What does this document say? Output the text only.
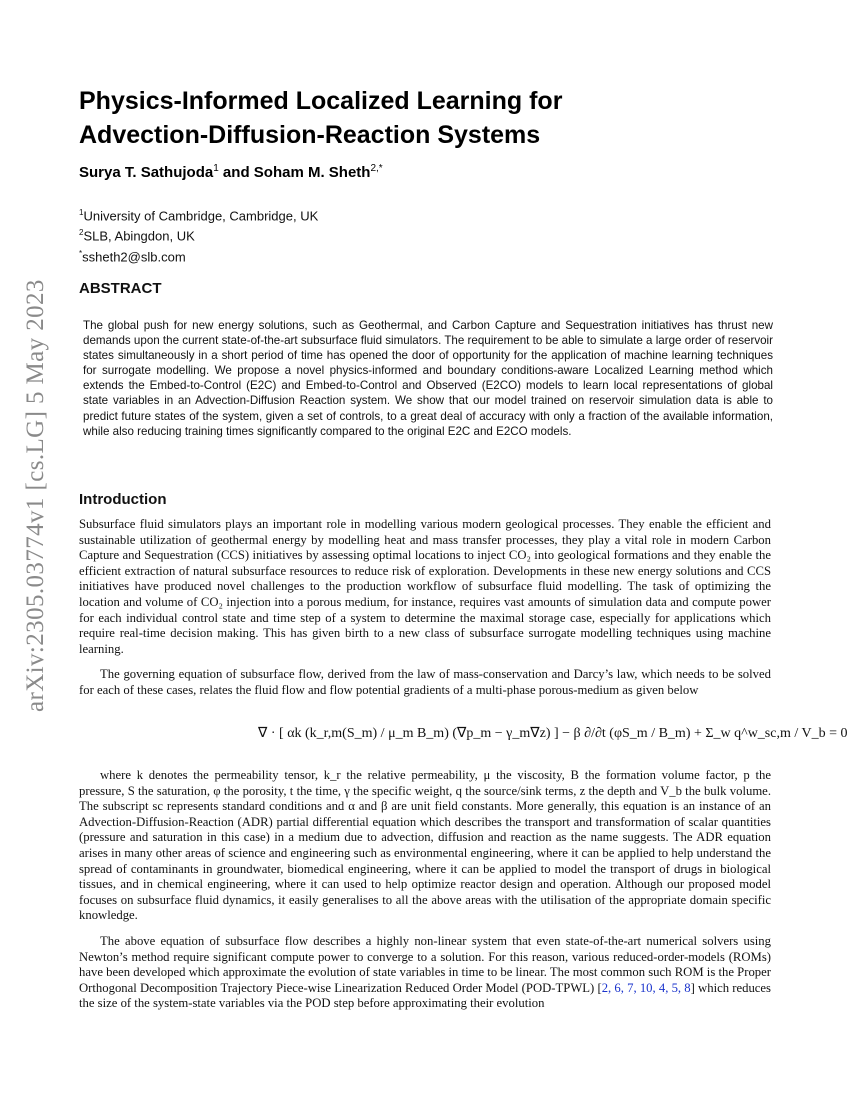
arXiv:2305.03774v1 [cs.LG] 5 May 2023
Physics-Informed Localized Learning for
Advection-Diffusion-Reaction Systems
Surya T. Sathujoda$^1$ and Soham M. Sheth$^{2,*}$
$^1$University of Cambridge, Cambridge, UK
$^2$SLB, Abingdon, UK
*ssheth2@slb.com
ABSTRACT
The global push for new energy solutions, such as Geothermal, and Carbon Capture and Sequestration initiatives has thrust new demands upon the current state-of-the-art subsurface fluid simulators. The requirement to be able to simulate a large order of reservoir states simultaneously in a short period of time has opened the door of opportunity for the application of machine learning techniques for surrogate modelling. We propose a novel physics-informed and boundary conditions-aware Localized Learning method which extends the Embed-to-Control (E2C) and Embed-to-Control and Observed (E2CO) models to learn local representations of global state variables in an Advection-Diffusion Reaction system. We show that our model trained on reservoir simulation data is able to predict future states of the system, given a set of controls, to a great deal of accuracy with only a fraction of the available information, while also reducing training times significantly compared to the original E2C and E2CO models.
Introduction
Subsurface fluid simulators plays an important role in modelling various modern geological processes. They enable the efficient and sustainable utilization of geothermal energy by modelling heat and mass transfer processes, they play a vital role in modern Carbon Capture and Sequestration (CCS) initiatives by assessing optimal locations to inject CO₂ into geological formations and they enable the efficient extraction of natural subsurface resources to reduce risk of exploration. Developments in these new energy solutions and CCS initiatives have produced novel challenges to the production workflow of subsurface fluid modelling. The task of optimizing the location and volume of CO₂ injection into a porous medium, for instance, requires vast amounts of simulation data and compute power for each individual control state and time step of a system to determine the maximal storage case, especially for applications which require real-time decision making. This has given birth to a new class of subsurface surrogate modelling techniques using machine learning.
The governing equation of subsurface flow, derived from the law of mass-conservation and Darcy’s law, which needs to be solved for each of these cases, relates the fluid flow and flow potential gradients of a multi-phase porous-medium as given below
∇ · [ αk (k_r,m(S_m) / μ_m B_m) (∇p_m − γ_m∇z) ] − β ∂/∂t (φS_m / B_m) + Σ_w q^w_sc,m / V_b = 0
where k denotes the permeability tensor, k_r the relative permeability, μ the viscosity, B the formation volume factor, p the pressure, S the saturation, φ the porosity, t the time, γ the specific weight, q the source/sink terms, z the depth and V_b the bulk volume. The subscript sc represents standard conditions and α and β are unit field constants. More generally, this equation is an instance of an Advection-Diffusion-Reaction (ADR) partial differential equation which describes the transport and transformation of scalar quantities (pressure and saturation in this case) in a medium due to advection, diffusion and reaction as the name suggests. The ADR equation arises in many other areas of science and engineering such as environmental engineering, where it can be applied to help understand the spread of contaminants in groundwater, biomedical engineering, where it can be applied to model the transport of drugs in biological tissues, and in chemical engineering, where it can used to help optimize reactor design and operation. Although our proposed model focuses on subsurface fluid dynamics, it easily generalises to all the above areas with the utilisation of the appropriate domain specific knowledge.
The above equation of subsurface flow describes a highly non-linear system that even state-of-the-art numerical solvers using Newton’s method require significant compute power to converge to a solution. For this reason, various reduced-order-models (ROMs) have been developed which approximate the evolution of state variables in time to be linear. The most common such ROM is the Proper Orthogonal Decomposition Trajectory Piece-wise Linearization Reduced Order Model (POD-TPWL) [2, 6, 7, 10, 4, 5, 8] which reduces the size of the system-state variables via the POD step before approximating their evolution
